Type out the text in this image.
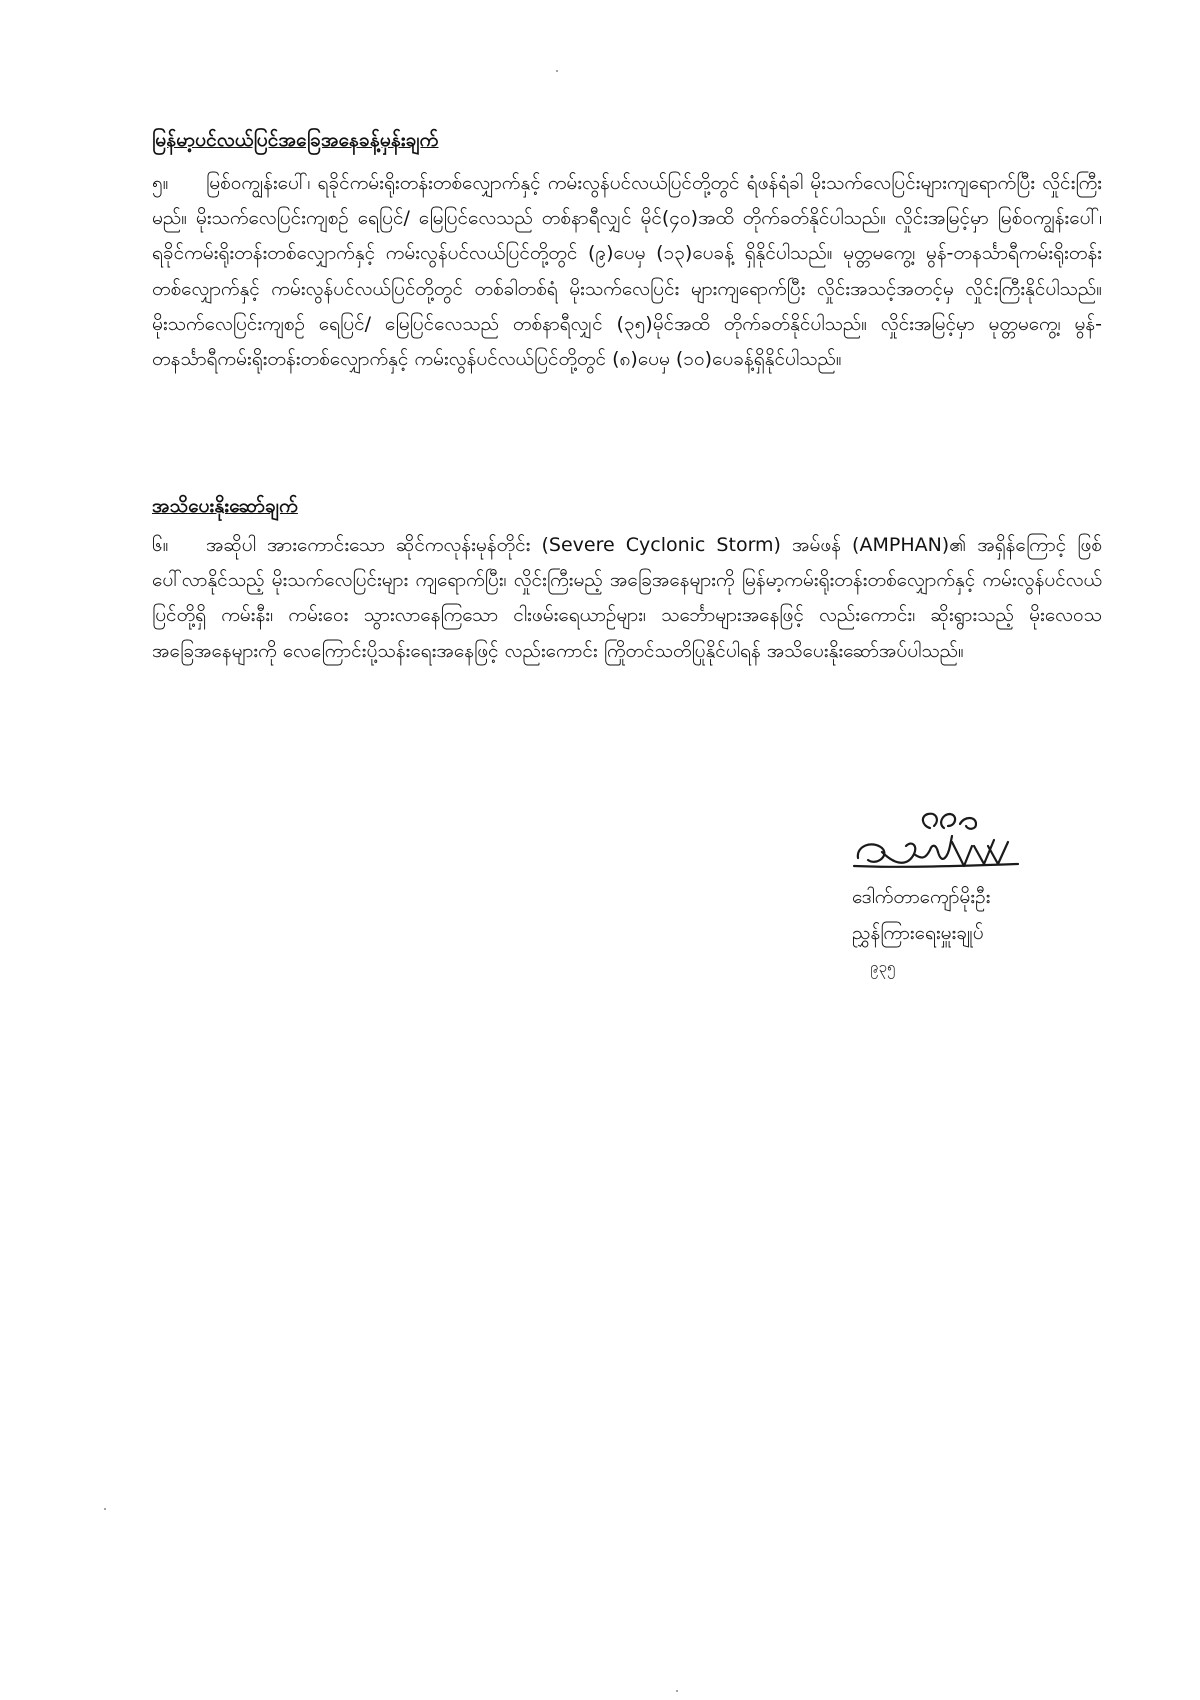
မြန်မာ့ပင်လယ်ပြင်အခြေအနေခန့်မှန်းချက်
၅။ မြစ်ဝကျွန်းပေါ်၊ ရခိုင်ကမ်းရိုးတန်းတစ်လျှောက်နှင့် ကမ်းလွန်ပင်လယ်ပြင်တို့တွင် ရံဖန်ရံခါ မိုးသက်လေပြင်းများကျရောက်ပြီး လှိုင်းကြီးမည်။ မိုးသက်လေပြင်းကျစဉ် ရေပြင်/ မြေပြင်လေသည် တစ်နာရီလျှင် မိုင်(၄၀)အထိ တိုက်ခတ်နိုင်ပါသည်။ လှိုင်းအမြင့်မှာ မြစ်ဝကျွန်းပေါ်၊ ရခိုင်ကမ်းရိုးတန်းတစ်လျှောက်နှင့် ကမ်းလွန်ပင်လယ်ပြင်တို့တွင် (၉)ပေမှ (၁၃)ပေခန့် ရှိနိုင်ပါသည်။ မုတ္တမကွေ့၊ မွန်-တနင်္သာရီကမ်းရိုးတန်းတစ်လျှောက်နှင့် ကမ်းလွန်ပင်လယ်ပြင်တို့တွင် တစ်ခါတစ်ရံ မိုးသက်လေပြင်း များကျရောက်ပြီး လှိုင်းအသင့်အတင့်မှ လှိုင်းကြီးနိုင်ပါသည်။ မိုးသက်လေပြင်းကျစဉ် ရေပြင်/ မြေပြင်လေသည် တစ်နာရီလျှင် (၃၅)မိုင်အထိ တိုက်ခတ်နိုင်ပါသည်။ လှိုင်းအမြင့်မှာ မုတ္တမကွေ့၊ မွန်-တနင်္သာရီကမ်းရိုးတန်းတစ်လျှောက်နှင့် ကမ်းလွန်ပင်လယ်ပြင်တို့တွင် (၈)ပေမှ (၁၀)ပေခန့်ရှိနိုင်ပါသည်။
အသိပေးနိုးဆော်ချက်
၆။ အဆိုပါ အားကောင်းသော ဆိုင်ကလုန်းမုန်တိုင်း (Severe Cyclonic Storm) အမ်ဖန် (AMPHAN)၏ အရှိန်ကြောင့် ဖြစ်ပေါ်လာနိုင်သည့် မိုးသက်လေပြင်းများ ကျရောက်ပြီး၊ လှိုင်းကြီးမည့် အခြေအနေများကို မြန်မာ့ကမ်းရိုးတန်းတစ်လျှောက်နှင့် ကမ်းလွန်ပင်လယ်ပြင်တို့ရှိ ကမ်းနီး၊ ကမ်းဝေး သွားလာနေကြသော ငါးဖမ်းရေယာဉ်များ၊ သင်္ဘောများအနေဖြင့် လည်းကောင်း၊ ဆိုးရွားသည့် မိုးလေဝသအခြေအနေများကို လေကြောင်းပို့သန်းရေးအနေဖြင့် လည်းကောင်း ကြိုတင်သတိပြုနိုင်ပါရန် အသိပေးနိုးဆော်အပ်ပါသည်။
ဒေါက်တာကျော်မိုးဦး
ညွှန်ကြားရေးမှူးချုပ်
၉၃၅
